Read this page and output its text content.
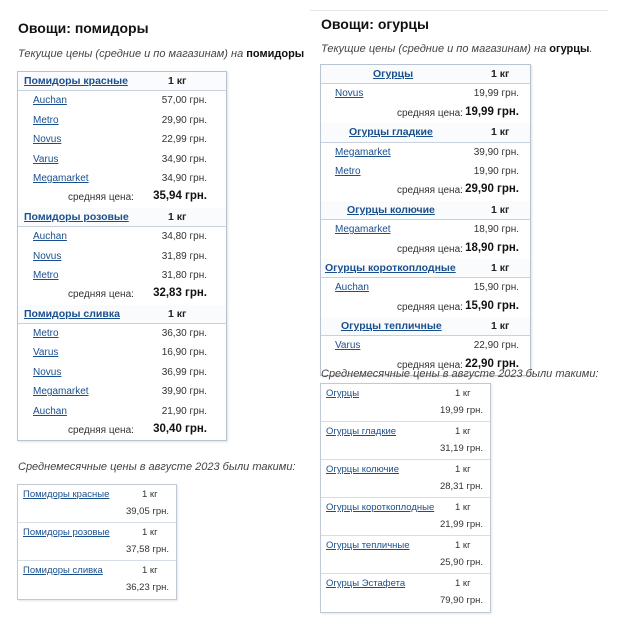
Овощи: помидоры
Текущие цены (средние и по магазинам) на помидоры
Помидоры красные	1 кг
Auchan	57,00 грн.
Metro	29,90 грн.
Novus	22,99 грн.
Varus	34,90 грн.
Megamarket	34,90 грн.
средняя цена: 35,94 грн.
Помидоры розовые	1 кг
Auchan	34,80 грн.
Novus	31,89 грн.
Metro	31,80 грн.
средняя цена: 32,83 грн.
Помидоры сливка	1 кг
Metro	36,30 грн.
Varus	16,90 грн.
Novus	36,99 грн.
Megamarket	39,90 грн.
Auchan	21,90 грн.
средняя цена: 30,40 грн.
Среднемесячные цены в августе 2023 были такими:
Помидоры красные	1 кг
39,05 грн.
Помидоры розовые	1 кг
37,58 грн.
Помидоры сливка	1 кг
36,23 грн.
Овощи: огурцы
Текущие цены (средние и по магазинам) на огурцы.
Огурцы	1 кг
Novus	19,99 грн.
средняя цена: 19,99 грн.
Огурцы гладкие	1 кг
Megamarket	39,90 грн.
Metro	19,90 грн.
средняя цена: 29,90 грн.
Огурцы колючие	1 кг
Megamarket	18,90 грн.
средняя цена: 18,90 грн.
Огурцы короткоплодные	1 кг
Auchan	15,90 грн.
средняя цена: 15,90 грн.
Огурцы тепличные	1 кг
Varus	22,90 грн.
средняя цена: 22,90 грн.
Среднемесячные цены в августе 2023 были такими:
Огурцы	1 кг
19,99 грн.
Огурцы гладкие	1 кг
31,19 грн.
Огурцы колючие	1 кг
28,31 грн.
Огурцы короткоплодные 1 кг
21,99 грн.
Огурцы тепличные	1 кг
25,90 грн.
Огурцы Эстафета	1 кг
79,90 грн.
